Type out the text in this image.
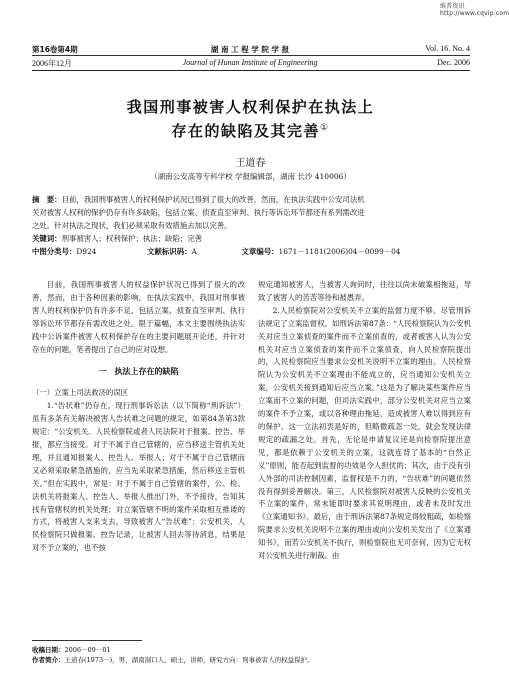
维普资讯 http://www.cqvip.com
第16卷第4期	湖 南 工 程 学 院 学 报	Vol. 16. No. 4
2006年12月	Journal of Hunan Institute of Engineering	Dec. 2006
我国刑事被害人权利保护在执法上
存在的缺陷及其完善①
王道春
（湖南公安高等专科学校 学报编辑部，湖南 长沙 410006）
摘　要：目前，我国刑事被害人的权利保护状况已得到了很大的改善，然而，在执法实践中公安司法机
关对被害人权利的保护仍存有许多缺陷，包括立案、侦查直至审判、执行等诉讼环节都还有系列需改进
之处。针对执法之现状，我们必须采取有效措施去加以完善。
关键词：刑事被害人；权利保护；执法；缺陷；完善
中图分类号：D924	文献标识码：A	文章编号：1671－1181(2006)04－0099－04

目前，我国刑事被害人的权益保护状况已得到了很大的改善，然而，由于各种因素的影响，在执法实践中，我国对刑事被害人的权利保护仍有许多不足，包括立案、侦查直至审判、执行等诉讼环节都存有需改进之处。限于篇幅，本文主要围绕执法实践中公诉案件被害人权利保护存在的主要问题展开论述，并针对存在的问题，笔者提出了自己的应对设想。

一　执法上存在的缺陷

（一）立案上司法救济的误区

1.“告状难”仍存在。现行刑事诉讼法（以下简称“刑诉法”）虽有多条有关解决被害人告状难之问题的规定，如第84条第3款规定：“公安机关、人民检察院或者人民法院对于报案、控告、举报，都应当接受。对于不属于自己管辖的，应当移送主管机关处理，并且通知报案人、控告人、举报人；对于不属于自己管辖而又必须采取紧急措施的，应当先采取紧急措施，然后移送主管机关。”但在实践中，常是：对于不属于自己管辖的案件，公、检、法机关将报案人、控告人、举报人推出门外，不予接待，告知其找有管辖权的机关处理；对立案管辖不明的案件采取相互推诿的方式，将被害人支来支去，导致被害人“告状难”；公安机关、人民检察院只做报案、控告记录，让被害人回去等待消息，结果是对不予立案的，也不按

规定通知被害人，当被害人询问时，往往以尚未破案相拖延，导致了被害人的苦苦等待和被愚弄。

2.人民检察院对公安机关不立案的监督力度不够。尽管刑诉法规定了立案监督权，如刑诉法第87条：“人民检察院认为公安机关对应当立案侦查的案件而不立案侦查的，或者被害人认为公安机关对应当立案侦查的案件而不立案侦查，向人民检察院提出的，人民检察院应当要求公安机关说明不立案的理由。人民检察院认为公安机关不立案理由不能成立的，应当通知公安机关立案，公安机关接到通知后应当立案。”这是为了解决某些案件应当立案而不立案的问题，但司法实践中，部分公安机关对应当立案的案件不予立案，或以各种理由拖延，造成被害人难以得到应有的保护。这一立法初衷是好的，但略微疏忽一处，就会发现法律规定的疏漏之处。首先，无论是申请复议还是向检察院提出意见，都是依赖于公安机关的立案，这就连背了基本的“自然正义”原则，能否起到监督的功效是令人担忧的；其次，由于没有引入外部的司法控制因素，监督权是不力的，“告状难”的问题依然没有得到妥善解决。第三，人民检察院对被害人反映的公安机关不立案的案件，常未能即时要求其说明理由，或者未及时发出《立案通知书》。最后，由于刑诉法第87条规定得较粗疏，如检察院要求公安机关说明不立案的理由或向公安机关发出了《立案通知书》，而若公安机关不执行，则检察院也无可奈何，因为它无权对公安机关进行制裁。由

收稿日期：2006－09－01
作者简介：王道春(1973－)，男，湖南洞口人，硕士，讲师，研究方向：刑事被害人的权益保护。
